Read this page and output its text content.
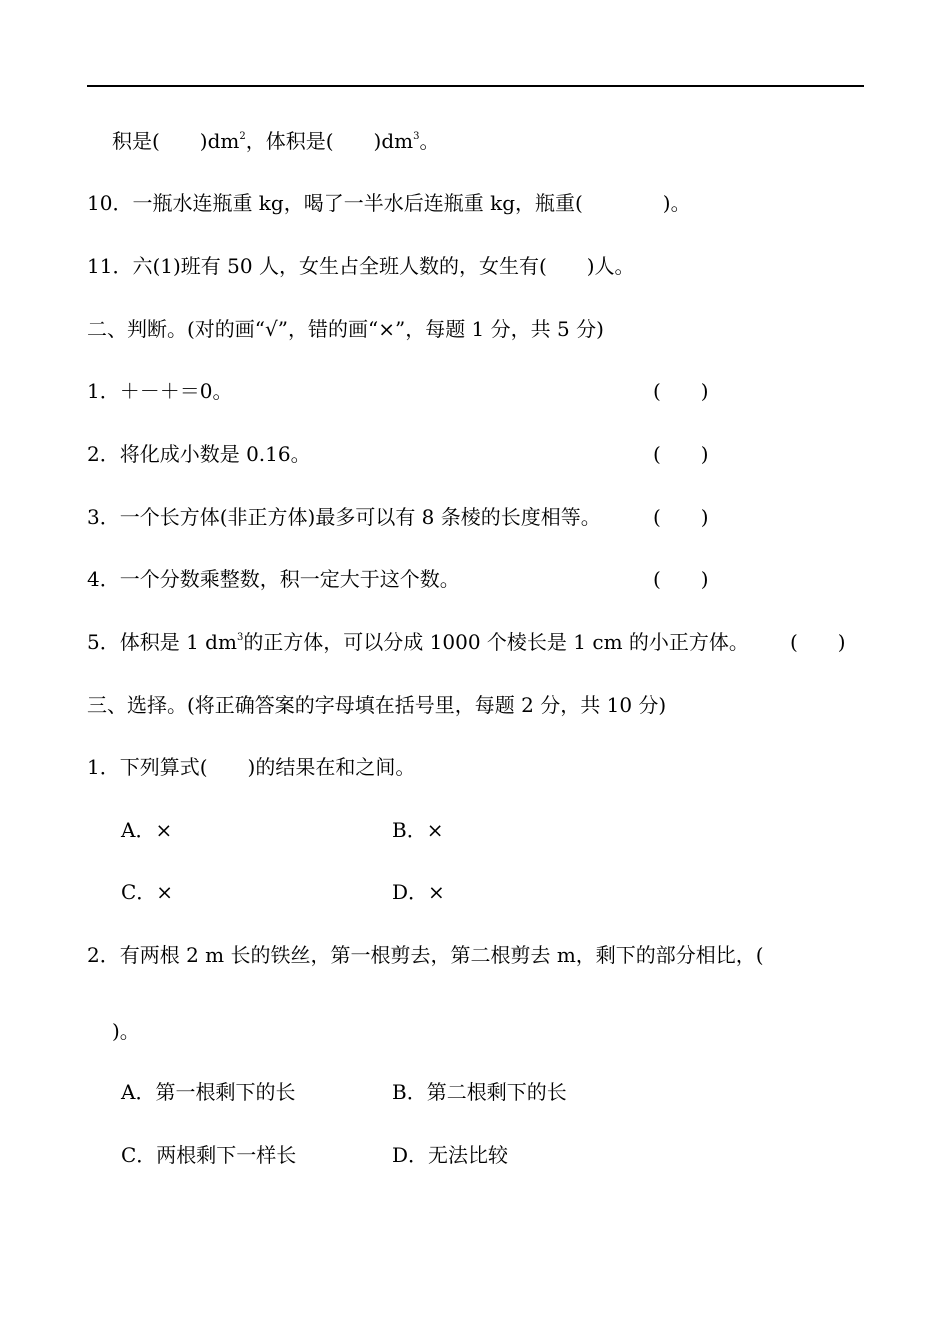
积是(　　)$dm^2$，体积是(　　)$dm^3$。
10．一瓶水连瓶重 kg，喝了一半水后连瓶重 kg，瓶重(　　　　)。
11．六(1)班有 50 人，女生占全班人数的，女生有(　　)人。
二、判断。(对的画“√”，错的画“×”，每题 1 分，共 5 分)
1．＋－＋＝0。	(　　)
2．将化成小数是 0.16。	(　　)
3．一个长方体(非正方体)最多可以有 8 条棱的长度相等。	(　　)
4．一个分数乘整数，积一定大于这个数。	(　　)
5．体积是 1 $dm^3$的正方体，可以分成 1000 个棱长是 1 cm 的小正方体。 (　　)
三、选择。(将正确答案的字母填在括号里，每题 2 分，共 10 分)
1．下列算式(　　)的结果在和之间。
A．×	B．×
C．×	D．×
2．有两根 2 m 长的铁丝，第一根剪去，第二根剪去 m，剩下的部分相比，(
)。
A．第一根剩下的长	B．第二根剩下的长
C．两根剩下一样长	D．无法比较
